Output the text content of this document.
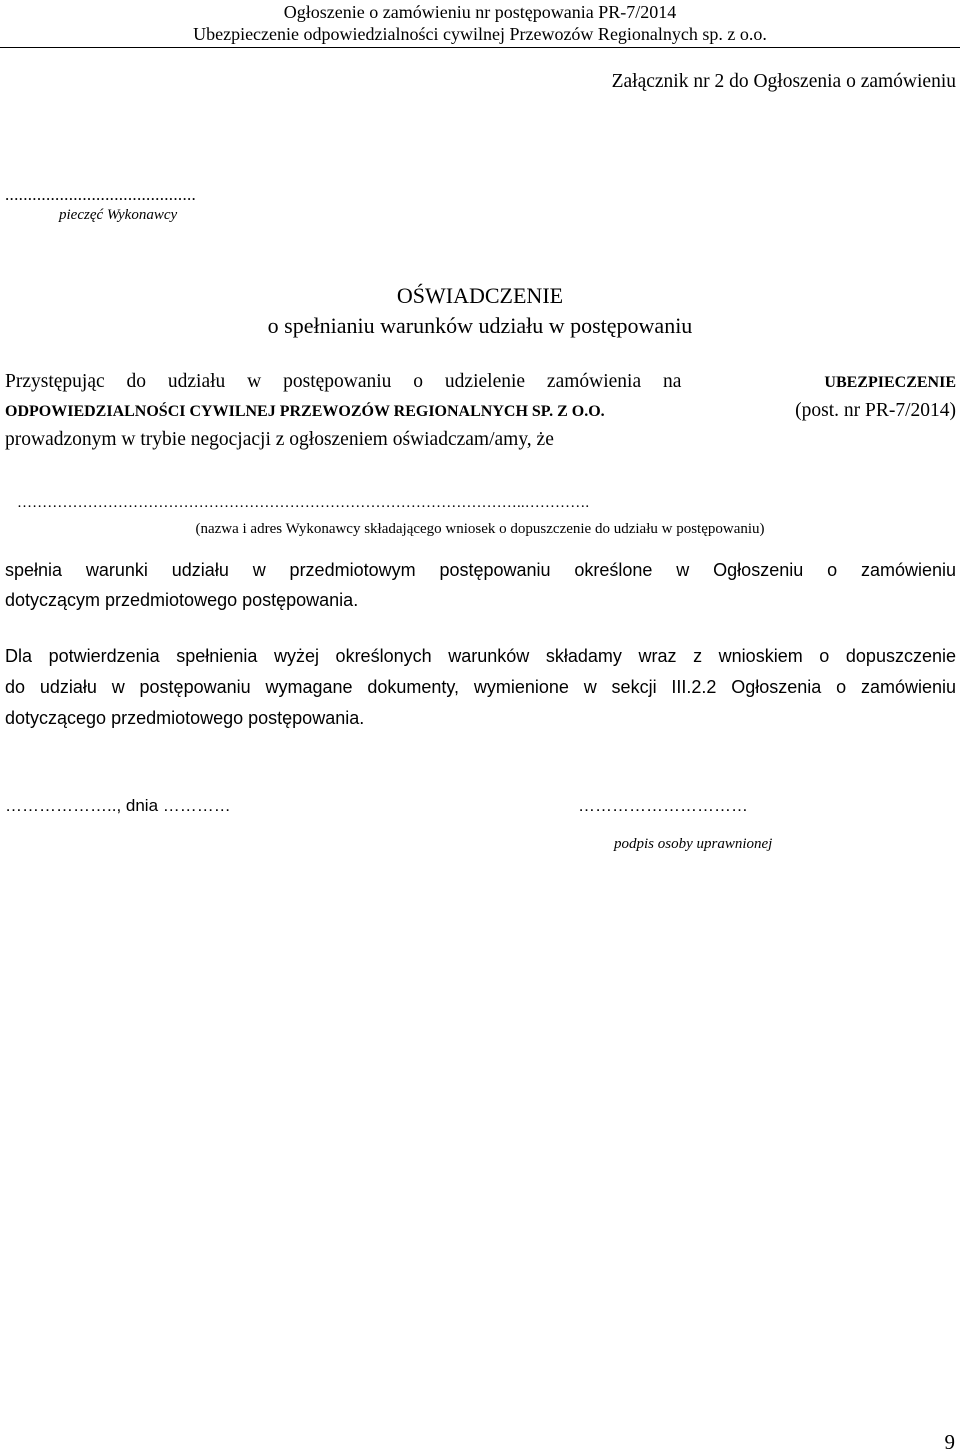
Ogłoszenie o zamówieniu nr postępowania PR-7/2014
Ubezpieczenie odpowiedzialności cywilnej Przewozów Regionalnych sp. z o.o.
Załącznik nr 2 do Ogłoszenia o zamówieniu
..........................................
pieczęć Wykonawcy
OŚWIADCZENIE
o spełnianiu warunków udziału w postępowaniu
Przystępując do udziału w postępowaniu o udzielenie zamówienia na	UBEZPIECZENIE
ODPOWIEDZIALNOŚCI CYWILNEJ PRZEWOZÓW REGIONALNYCH SP. Z O.O.	(post. nr PR-7/2014)
prowadzonym w trybie negocjacji z ogłoszeniem oświadczam/amy, że
………………………………………………………………………………………..………….
(nazwa i adres Wykonawcy składającego wniosek o dopuszczenie do udziału w postępowaniu)
spełnia warunki udziału w przedmiotowym postępowaniu określone w Ogłoszeniu o zamówieniu
dotyczącym przedmiotowego postępowania.
Dla potwierdzenia spełnienia wyżej określonych warunków składamy wraz z wnioskiem o dopuszczenie
do udziału w postępowaniu wymagane dokumenty, wymienione w sekcji III.2.2 Ogłoszenia o zamówieniu
dotyczącego przedmiotowego postępowania.
……………….., dnia …………	…………………………
podpis osoby uprawnionej
9
